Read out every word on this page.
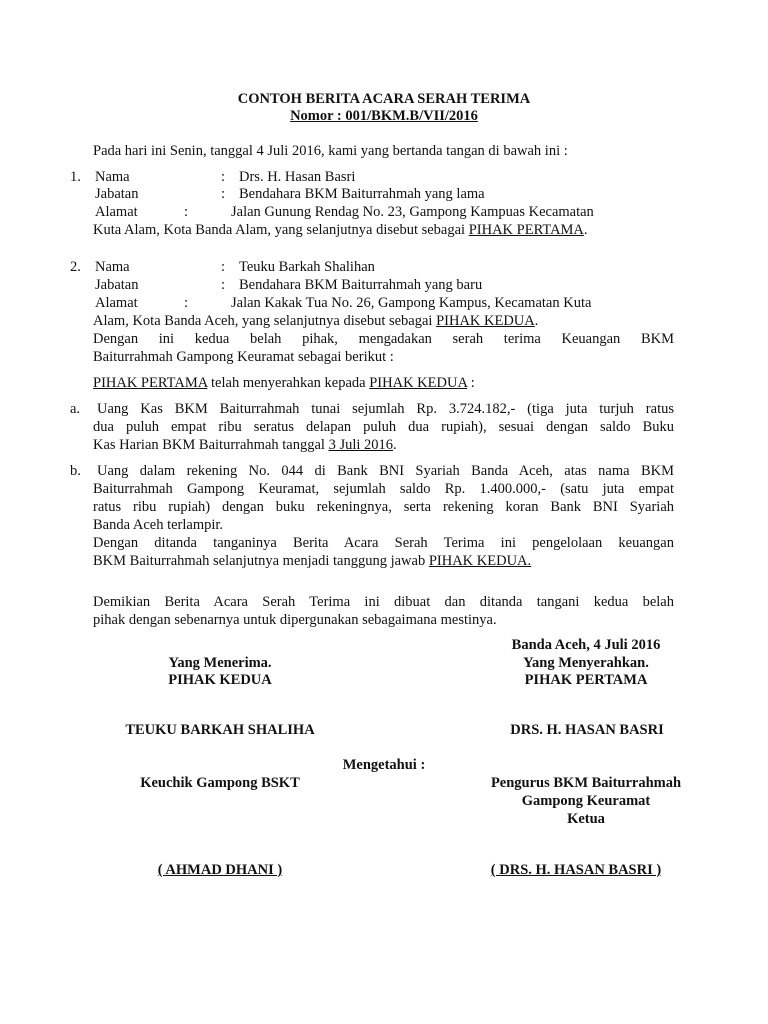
CONTOH BERITA ACARA SERAH TERIMA
Nomor : 001/BKM.B/VII/2016
Pada hari ini Senin, tanggal 4 Juli 2016, kami yang bertanda tangan di bawah ini :
1. Nama	: Drs. H. Hasan Basri
Jabatan	: Bendahara BKM Baiturrahmah yang lama
Alamat	:	Jalan Gunung Rendag No. 23, Gampong Kampuas Kecamatan
Kuta Alam, Kota Banda Alam, yang selanjutnya disebut sebagai PIHAK PERTAMA.
2. Nama	: Teuku Barkah Shalihan
Jabatan	: Bendahara BKM Baiturrahmah yang baru
Alamat	:	Jalan Kakak Tua No. 26, Gampong Kampus, Kecamatan Kuta
Alam, Kota Banda Aceh, yang selanjutnya disebut sebagai PIHAK KEDUA.
Dengan ini kedua belah pihak, mengadakan serah terima Keuangan BKM
Baiturrahmah Gampong Keuramat sebagai berikut :
PIHAK PERTAMA telah menyerahkan kepada PIHAK KEDUA :
a. Uang Kas BKM Baiturrahmah tunai sejumlah Rp. 3.724.182,- (tiga juta turjuh ratus
dua puluh empat ribu seratus delapan puluh dua rupiah), sesuai dengan saldo Buku
Kas Harian BKM Baiturrahmah tanggal 3 Juli 2016.
b. Uang dalam rekening No. 044 di Bank BNI Syariah Banda Aceh, atas nama BKM
Baiturrahmah Gampong Keuramat, sejumlah saldo Rp. 1.400.000,- (satu juta empat
ratus ribu rupiah) dengan buku rekeningnya, serta rekening koran Bank BNI Syariah
Banda Aceh terlampir.
Dengan ditanda tanganinya Berita Acara Serah Terima ini pengelolaan keuangan
BKM Baiturrahmah selanjutnya menjadi tanggung jawab PIHAK KEDUA.
Demikian Berita Acara Serah Terima ini dibuat dan ditanda tangani kedua belah
pihak dengan sebenarnya untuk dipergunakan sebagaimana mestinya.
Banda Aceh, 4 Juli 2016
Yang Menerima.	Yang Menyerahkan.
PIHAK KEDUA	PIHAK PERTAMA
TEUKU BARKAH SHALIHA	DRS. H. HASAN BASRI
Mengetahui :
Keuchik Gampong BSKT	Pengurus BKM Baiturrahmah
Gampong Keuramat
Ketua
( AHMAD DHANI )	( DRS. H. HASAN BASRI )
